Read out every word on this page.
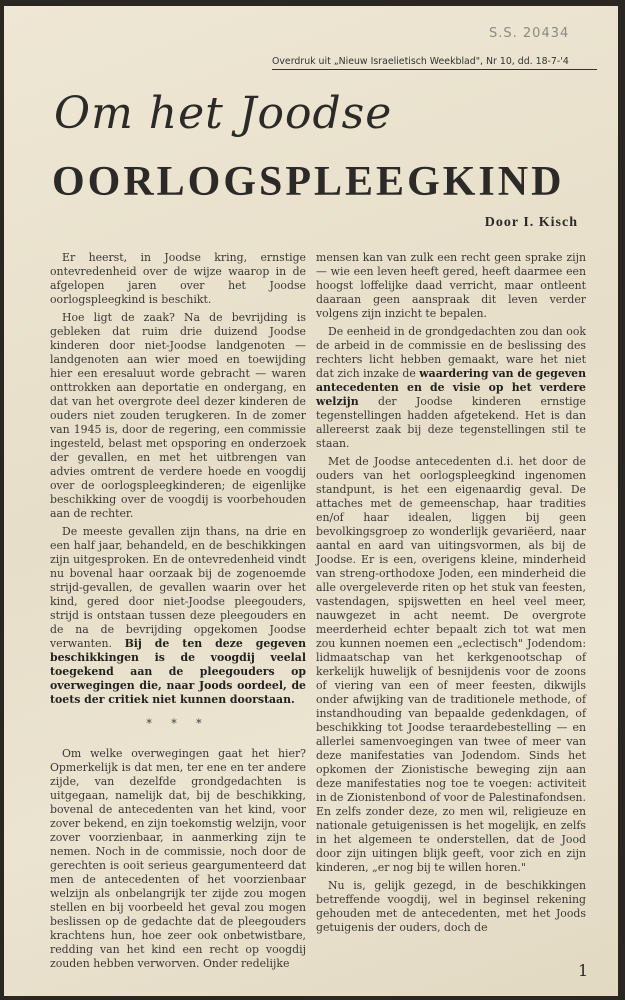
S.S. 20434
Overdruk uit „Nieuw Israelietisch Weekblad", Nr 10, dd. 18-7-'4
Om het Joodse
OORLOGSPLEEGKIND
Door I. Kisch
1

Er heerst, in Joodse kring, ernstige ontevredenheid over de wijze waarop in de afgelopen jaren over het Joodse oorlogspleegkind is beschikt.

Hoe ligt de zaak? Na de bevrijding is gebleken dat ruim drie duizend Joodse kinderen door niet-Joodse landgenoten — landgenoten aan wier moed en toewijding hier een eresaluut worde gebracht — waren onttrokken aan deportatie en ondergang, en dat van het overgrote deel dezer kinderen de ouders niet zouden terugkeren. In de zomer van 1945 is, door de regering, een commissie ingesteld, belast met opsporing en onderzoek der gevallen, en met het uitbrengen van advies omtrent de verdere hoede en voogdij over de oorlogspleegkinderen; de eigenlijke beschikking over de voogdij is voorbehouden aan de rechter.

De meeste gevallen zijn thans, na drie en een half jaar, behandeld, en de beschikkingen zijn uitgesproken. En de ontevredenheid vindt nu bovenal haar oorzaak bij de zogenoemde strijd-gevallen, de gevallen waarin over het kind, gered door niet-Joodse pleegouders, strijd is ontstaan tussen deze pleegouders en de na de bevrijding opgekomen Joodse verwanten. Bij de ten deze gegeven beschikkingen is de voogdij veelal toegekend aan de pleegouders op overwegingen die, naar Joods oordeel, de toets der critiek niet kunnen doorstaan.

* * *

Om welke overwegingen gaat het hier? Opmerkelijk is dat men, ter ene en ter andere zijde, van dezelfde grondgedachten is uitgegaan, namelijk dat, bij de beschikking, bovenal de antecedenten van het kind, voor zover bekend, en zijn toekomstig welzijn, voor zover voorzienbaar, in aanmerking zijn te nemen. Noch in de commissie, noch door de gerechten is ooit serieus geargumenteerd dat men de antecedenten of het voorzienbaar welzijn als onbelangrijk ter zijde zou mogen stellen en bij voorbeeld het geval zou mogen beslissen op de gedachte dat de pleegouders krachtens hun, hoe zeer ook onbetwistbare, redding van het kind een recht op voogdij zouden hebben verworven. Onder redelijke

mensen kan van zulk een recht geen sprake zijn — wie een leven heeft gered, heeft daarmee een hoogst loffelijke daad verricht, maar ontleent daaraan geen aanspraak dit leven verder volgens zijn inzicht te bepalen.

De eenheid in de grondgedachten zou dan ook de arbeid in de commissie en de beslissing des rechters licht hebben gemaakt, ware het niet dat zich inzake de waardering van de gegeven antecedenten en de visie op het verdere welzijn der Joodse kinderen ernstige tegenstellingen hadden afgetekend. Het is dan allereerst zaak bij deze tegenstellingen stil te staan.

Met de Joodse antecedenten d.i. het door de ouders van het oorlogspleegkind ingenomen standpunt, is het een eigenaardig geval. De attaches met de gemeenschap, haar tradities en/of haar idealen, liggen bij geen bevolkingsgroep zo wonderlijk gevariëerd, naar aantal en aard van uitingsvormen, als bij de Joodse. Er is een, overigens kleine, minderheid van streng-orthodoxe Joden, een minderheid die alle overgeleverde riten op het stuk van feesten, vastendagen, spijswetten en heel veel meer, nauwgezet in acht neemt. De overgrote meerderheid echter bepaalt zich tot wat men zou kunnen noemen een „eclectisch" Jodendom: lidmaatschap van het kerkgenootschap of kerkelijk huwelijk of besnijdenis voor de zoons of viering van een of meer feesten, dikwijls onder afwijking van de traditionele methode, of instandhouding van bepaalde gedenkdagen, of beschikking tot Joodse teraardebestelling — en allerlei samenvoegingen van twee of meer van deze manifestaties van Jodendom. Sinds het opkomen der Zionistische beweging zijn aan deze manifestaties nog toe te voegen: activiteit in de Zionistenbond of voor de Palestinafondsen. En zelfs zonder deze, zo men wil, religieuze en nationale getuigenissen is het mogelijk, en zelfs in het algemeen te onderstellen, dat de Jood door zijn uitingen blijk geeft, voor zich en zijn kinderen, „er nog bij te willen horen."

Nu is, gelijk gezegd, in de beschikkingen betreffende voogdij, wel in beginsel rekening gehouden met de antecedenten, met het Joods getuigenis der ouders, doch de
